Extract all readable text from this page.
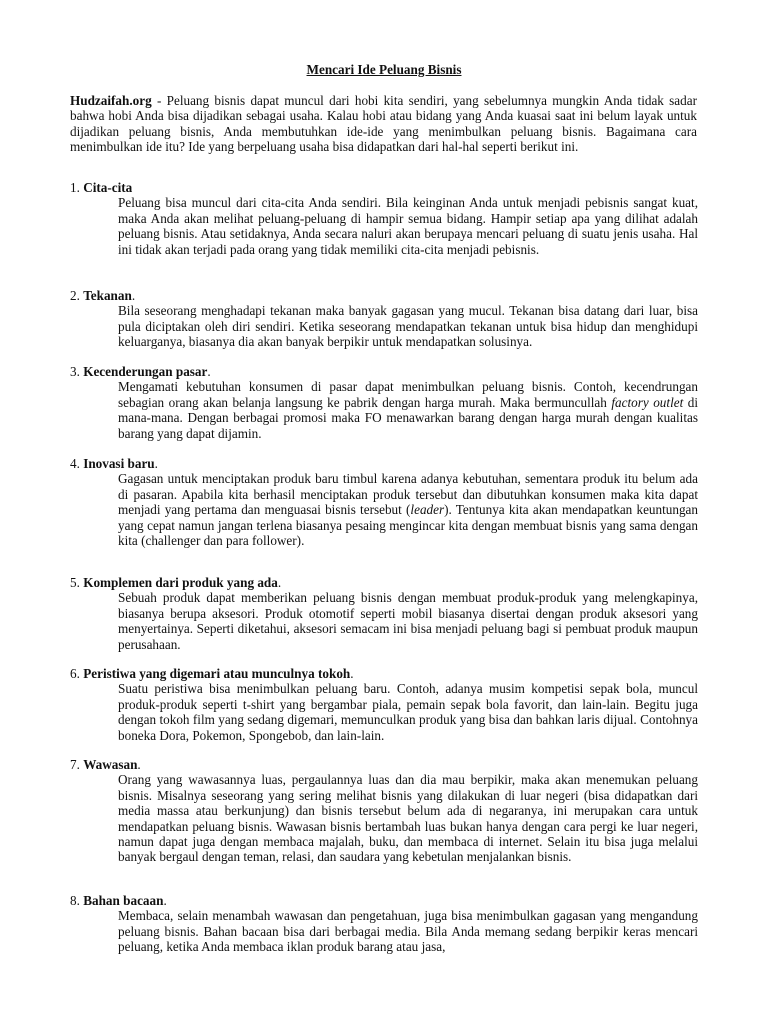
Mencari Ide Peluang Bisnis

Hudzaifah.org - Peluang bisnis dapat muncul dari hobi kita sendiri, yang sebelumnya mungkin Anda tidak sadar bahwa hobi Anda bisa dijadikan sebagai usaha. Kalau hobi atau bidang yang Anda kuasai saat ini belum layak untuk dijadikan peluang bisnis, Anda membutuhkan ide-ide yang menimbulkan peluang bisnis. Bagaimana cara menimbulkan ide itu? Ide yang berpeluang usaha bisa didapatkan dari hal-hal seperti berikut ini.

1. Cita-cita
Peluang bisa muncul dari cita-cita Anda sendiri. Bila keinginan Anda untuk menjadi pebisnis sangat kuat, maka Anda akan melihat peluang-peluang di hampir semua bidang. Hampir setiap apa yang dilihat adalah peluang bisnis. Atau setidaknya, Anda secara naluri akan berupaya mencari peluang di suatu jenis usaha. Hal ini tidak akan terjadi pada orang yang tidak memiliki cita-cita menjadi pebisnis.
2. Tekanan.
Bila seseorang menghadapi tekanan maka banyak gagasan yang mucul. Tekanan bisa datang dari luar, bisa pula diciptakan oleh diri sendiri. Ketika seseorang mendapatkan tekanan untuk bisa hidup dan menghidupi keluarganya, biasanya dia akan banyak berpikir untuk mendapatkan solusinya.
3. Kecenderungan pasar.
Mengamati kebutuhan konsumen di pasar dapat menimbulkan peluang bisnis. Contoh, kecendrungan sebagian orang akan belanja langsung ke pabrik dengan harga murah. Maka bermuncullah factory outlet di mana-mana. Dengan berbagai promosi maka FO menawarkan barang dengan harga murah dengan kualitas barang yang dapat dijamin.
4. Inovasi baru.
Gagasan untuk menciptakan produk baru timbul karena adanya kebutuhan, sementara produk itu belum ada di pasaran. Apabila kita berhasil menciptakan produk tersebut dan dibutuhkan konsumen maka kita dapat menjadi yang pertama dan menguasai bisnis tersebut (leader). Tentunya kita akan mendapatkan keuntungan yang cepat namun jangan terlena biasanya pesaing mengincar kita dengan membuat bisnis yang sama dengan kita (challenger dan para follower).
5. Komplemen dari produk yang ada.
Sebuah produk dapat memberikan peluang bisnis dengan membuat produk-produk yang melengkapinya, biasanya berupa aksesori. Produk otomotif seperti mobil biasanya disertai dengan produk aksesori yang menyertainya. Seperti diketahui, aksesori semacam ini bisa menjadi peluang bagi si pembuat produk maupun perusahaan.
6. Peristiwa yang digemari atau munculnya tokoh.
Suatu peristiwa bisa menimbulkan peluang baru. Contoh, adanya musim kompetisi sepak bola, muncul produk-produk seperti t-shirt yang bergambar piala, pemain sepak bola favorit, dan lain-lain. Begitu juga dengan tokoh film yang sedang digemari, memunculkan produk yang bisa dan bahkan laris dijual. Contohnya boneka Dora, Pokemon, Spongebob, dan lain-lain.
7. Wawasan.
Orang yang wawasannya luas, pergaulannya luas dan dia mau berpikir, maka akan menemukan peluang bisnis. Misalnya seseorang yang sering melihat bisnis yang dilakukan di luar negeri (bisa didapatkan dari media massa atau berkunjung) dan bisnis tersebut belum ada di negaranya, ini merupakan cara untuk mendapatkan peluang bisnis. Wawasan bisnis bertambah luas bukan hanya dengan cara pergi ke luar negeri, namun dapat juga dengan membaca majalah, buku, dan membaca di internet. Selain itu bisa juga melalui banyak bergaul dengan teman, relasi, dan saudara yang kebetulan menjalankan bisnis.
8. Bahan bacaan.
Membaca, selain menambah wawasan dan pengetahuan, juga bisa menimbulkan gagasan yang mengandung peluang bisnis. Bahan bacaan bisa dari berbagai media. Bila Anda memang sedang berpikir keras mencari peluang, ketika Anda membaca iklan produk barang atau jasa,
